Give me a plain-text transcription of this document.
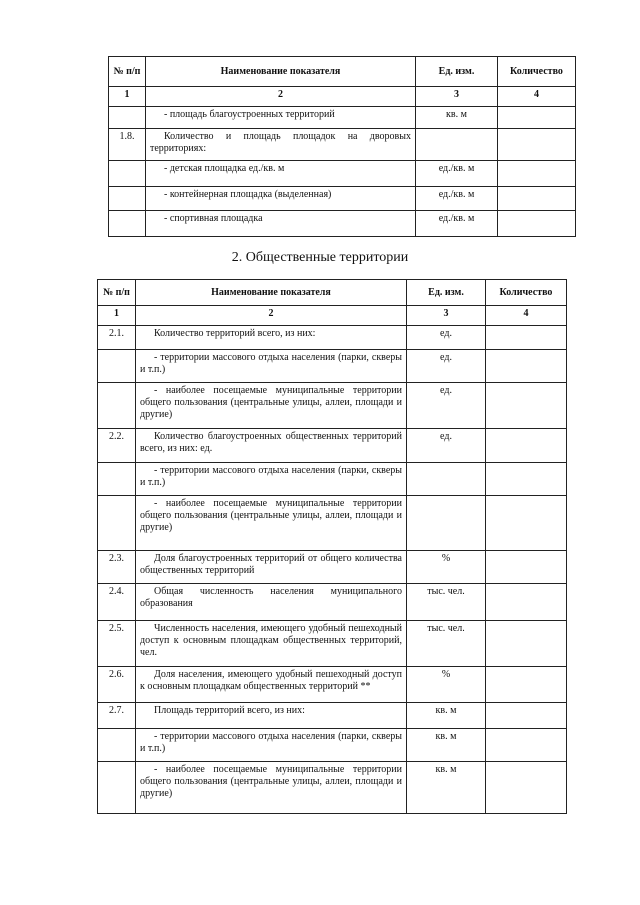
№ п/п	Наименование показателя	Ед. изм.	Количество
1	2	3	4
	- площадь благоустроенных территорий	кв. м	
1.8.	Количество и площадь площадок на дворовых территориях:		
	- детская площадка ед./кв. м	ед./кв. м	
	- контейнерная площадка (выделенная)	ед./кв. м	
	- спортивная площадка	ед./кв. м	
2. Общественные территории
№ п/п	Наименование показателя	Ед. изм.	Количество
1	2	3	4
2.1.	Количество территорий всего, из них:	ед.	
	- территории массового отдыха населения (парки, скверы и т.п.)	ед.	
	- наиболее посещаемые муниципальные территории общего пользования (центральные улицы, аллеи, площади и другие)	ед.	
2.2.	Количество благоустроенных общественных территорий всего, из них: ед.	ед.	
	- территории массового отдыха населения (парки, скверы и т.п.)		
	- наиболее посещаемые муниципальные территории общего пользования (центральные улицы, аллеи, площади и другие)		
2.3.	Доля благоустроенных территорий от общего количества общественных территорий	%	
2.4.	Общая численность населения муниципального образования	тыс. чел.	
2.5.	Численность населения, имеющего удобный пешеходный доступ к основным площадкам общественных территорий, чел.	тыс. чел.	
2.6.	Доля населения, имеющего удобный пешеходный доступ к основным площадкам общественных территорий **	%	
2.7.	Площадь территорий всего, из них:	кв. м	
	- территории массового отдыха населения (парки, скверы и т.п.)	кв. м	
	- наиболее посещаемые муниципальные территории общего пользования (центральные улицы, аллеи, площади и другие)	кв. м	
